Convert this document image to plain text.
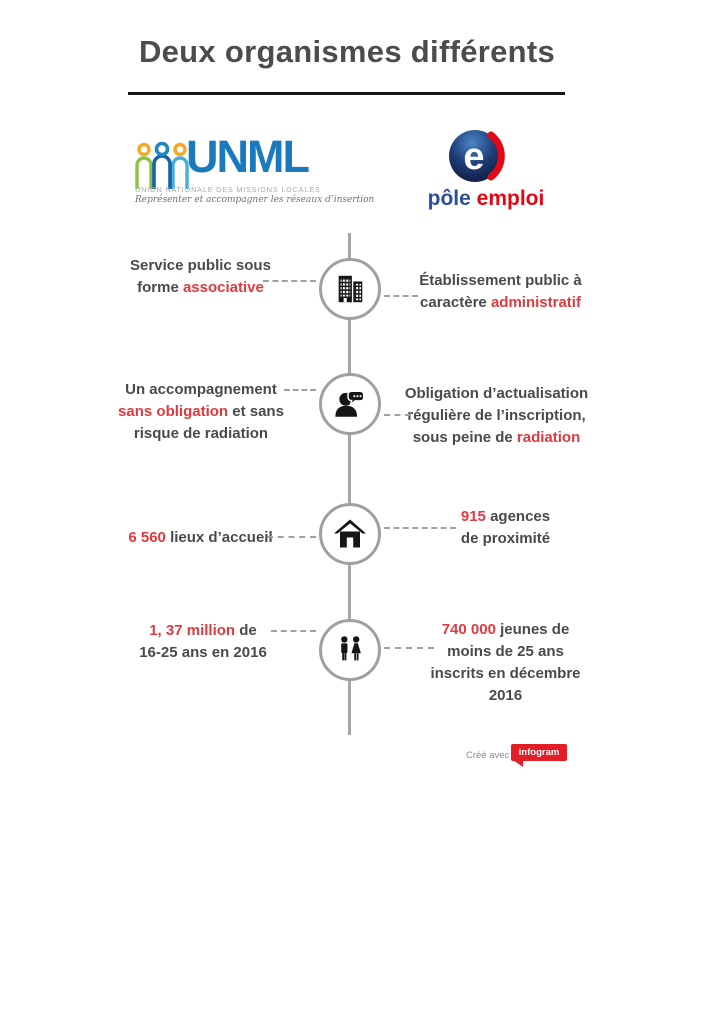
Deux organismes différents
UNML
UNION NATIONALE DES MISSIONS LOCALES
Représenter et accompagner les réseaux d’insertion
e
pôle emploi
Service public sous
forme associative	Établissement public à
caractère administratif
Un accompagnement
sans obligation et sans
risque de radiation
Obligation d’actualisation
régulière de l’inscription,
sous peine de radiation
6 560 lieux d’accueil
915 agences
de proximité
1, 37 million de
16-25 ans en 2016
740 000 jeunes de
moins de 25 ans
inscrits en décembre
2016
Créé avec infogram
